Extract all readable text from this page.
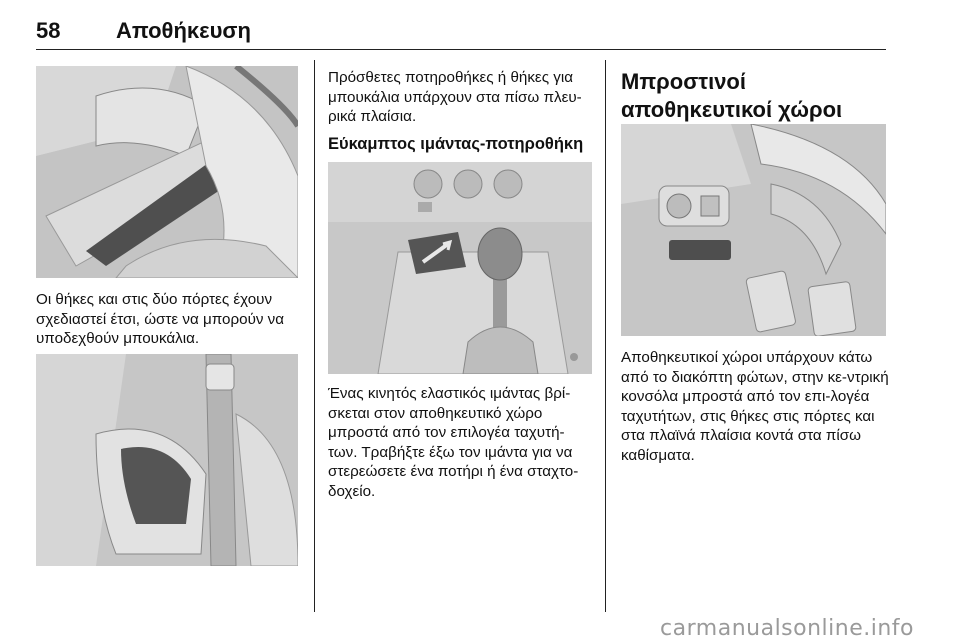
58	Αποθήκευση

Οι θήκες και στις δύο πόρτες έχουν σχεδιαστεί έτσι, ώστε να μπορούν να υποδεχθούν μπουκάλια.

Πρόσθετες ποτηροθήκες ή θήκες για μπουκάλια υπάρχουν στα πίσω πλευ-ρικά πλαίσια.

Εύκαμπτος ιμάντας-ποτηροθήκη

Ένας κινητός ελαστικός ιμάντας βρί-σκεται στον αποθηκευτικό χώρο μπροστά από τον επιλογέα ταχυτή-των. Τραβήξτε έξω τον ιμάντα για να στερεώσετε ένα ποτήρι ή ένα σταχτο-δοχείο.

Μπροστινοί αποθηκευτικοί χώροι

Αποθηκευτικοί χώροι υπάρχουν κάτω από το διακόπτη φώτων, στην κε-ντρική κονσόλα μπροστά από τον επι-λογέα ταχυτήτων, στις θήκες στις πόρτες και στα πλαϊνά πλαίσια κοντά στα πίσω καθίσματα.

carmanualsonline.info
